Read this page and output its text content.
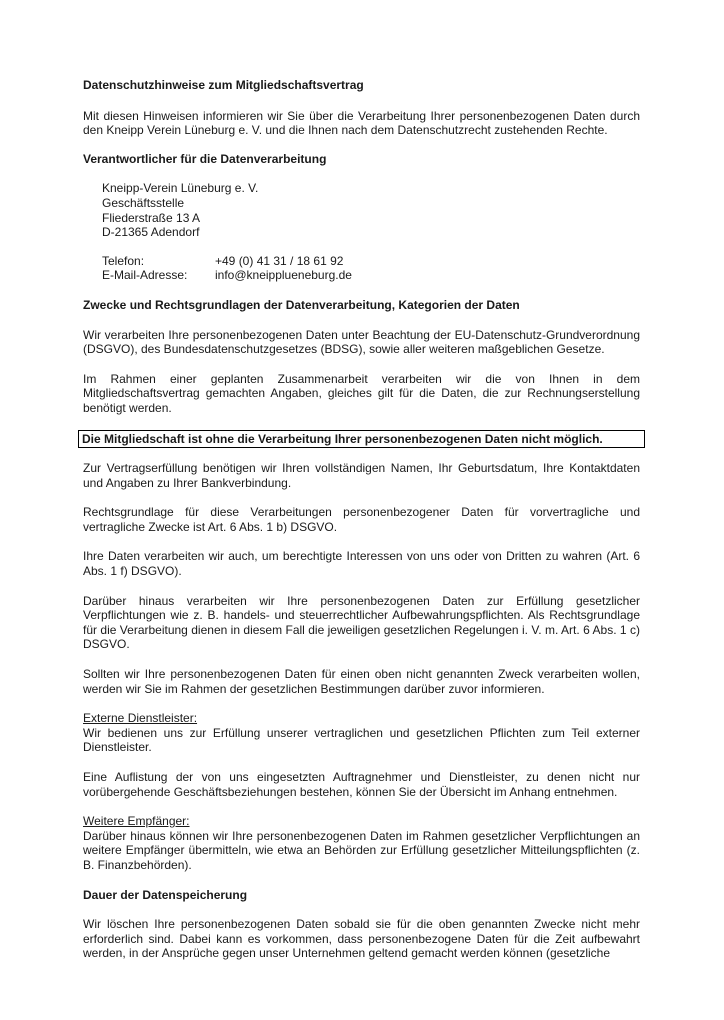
Datenschutzhinweise zum Mitgliedschaftsvertrag

Mit diesen Hinweisen informieren wir Sie über die Verarbeitung Ihrer personenbezogenen Daten durch den Kneipp Verein Lüneburg e. V. und die Ihnen nach dem Datenschutzrecht zustehenden Rechte.

Verantwortlicher für die Datenverarbeitung
Kneipp-Verein Lüneburg e. V.
Geschäftsstelle
Fliederstraße 13 A
D-21365 Adendorf
Telefon:	+49 (0) 41 31 / 18 61 92
E-Mail-Adresse:	info@kneipplueneburg.de
Zwecke und Rechtsgrundlagen der Datenverarbeitung, Kategorien der Daten

Wir verarbeiten Ihre personenbezogenen Daten unter Beachtung der EU-Datenschutz-Grundverordnung (DSGVO), des Bundesdatenschutzgesetzes (BDSG), sowie aller weiteren maßgeblichen Gesetze.

Im Rahmen einer geplanten Zusammenarbeit verarbeiten wir die von Ihnen in dem Mitgliedschaftsvertrag gemachten Angaben, gleiches gilt für die Daten, die zur Rechnungserstellung benötigt werden.

Die Mitgliedschaft ist ohne die Verarbeitung Ihrer personenbezogenen Daten nicht möglich.

Zur Vertragserfüllung benötigen wir Ihren vollständigen Namen, Ihr Geburtsdatum, Ihre Kontaktdaten und Angaben zu Ihrer Bankverbindung.

Rechtsgrundlage für diese Verarbeitungen personenbezogener Daten für vorvertragliche und vertragliche Zwecke ist Art. 6 Abs. 1 b) DSGVO.

Ihre Daten verarbeiten wir auch, um berechtigte Interessen von uns oder von Dritten zu wahren (Art. 6 Abs. 1 f) DSGVO).

Darüber hinaus verarbeiten wir Ihre personenbezogenen Daten zur Erfüllung gesetzlicher Verpflichtungen wie z. B. handels- und steuerrechtlicher Aufbewahrungspflichten. Als Rechtsgrundlage für die Verarbeitung dienen in diesem Fall die jeweiligen gesetzlichen Regelungen i. V. m. Art. 6 Abs. 1 c) DSGVO.

Sollten wir Ihre personenbezogenen Daten für einen oben nicht genannten Zweck verarbeiten wollen, werden wir Sie im Rahmen der gesetzlichen Bestimmungen darüber zuvor informieren.

Externe Dienstleister:

Wir bedienen uns zur Erfüllung unserer vertraglichen und gesetzlichen Pflichten zum Teil externer Dienstleister.

Eine Auflistung der von uns eingesetzten Auftragnehmer und Dienstleister, zu denen nicht nur vorübergehende Geschäftsbeziehungen bestehen, können Sie der Übersicht im Anhang entnehmen.

Weitere Empfänger:

Darüber hinaus können wir Ihre personenbezogenen Daten im Rahmen gesetzlicher Verpflichtungen an weitere Empfänger übermitteln, wie etwa an Behörden zur Erfüllung gesetzlicher Mitteilungspflichten (z. B. Finanzbehörden).

Dauer der Datenspeicherung

Wir löschen Ihre personenbezogenen Daten sobald sie für die oben genannten Zwecke nicht mehr erforderlich sind. Dabei kann es vorkommen, dass personenbezogene Daten für die Zeit aufbewahrt werden, in der Ansprüche gegen unser Unternehmen geltend gemacht werden können (gesetzliche
